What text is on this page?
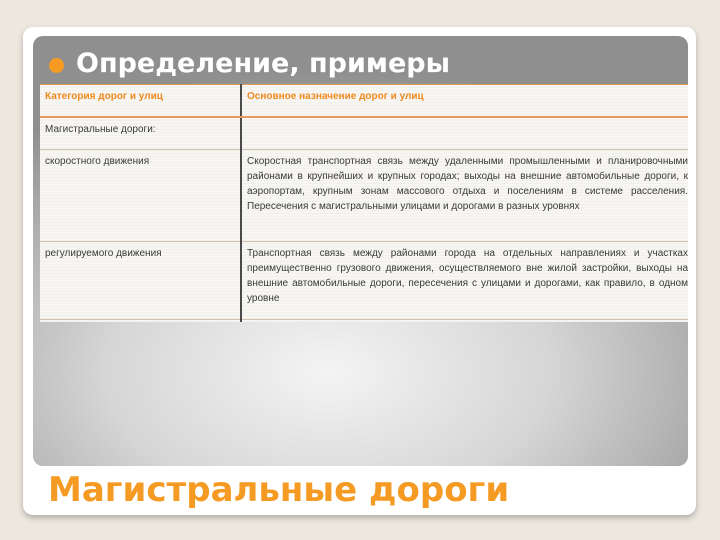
Определение, примеры
Категория дорог и улиц	Основное назначение дорог и улиц
Магистральные дороги:	
скоростного движения	Скоростная транспортная связь между удаленными промышленными и планировочными районами в крупнейших и крупных городах; выходы на внешние автомобильные дороги, к аэропортам, крупным зонам массового отдыха и поселениям в системе расселения. Пересечения с магистральными улицами и дорогами в разных уровнях
регулируемого движения	Транспортная связь между районами города на отдельных направлениях и участках преимущественно грузового движения, осуществляемого вне жилой застройки, выходы на внешние автомобильные дороги, пересечения с улицами и дорогами, как правило, в одном уровне

Магистральные дороги
